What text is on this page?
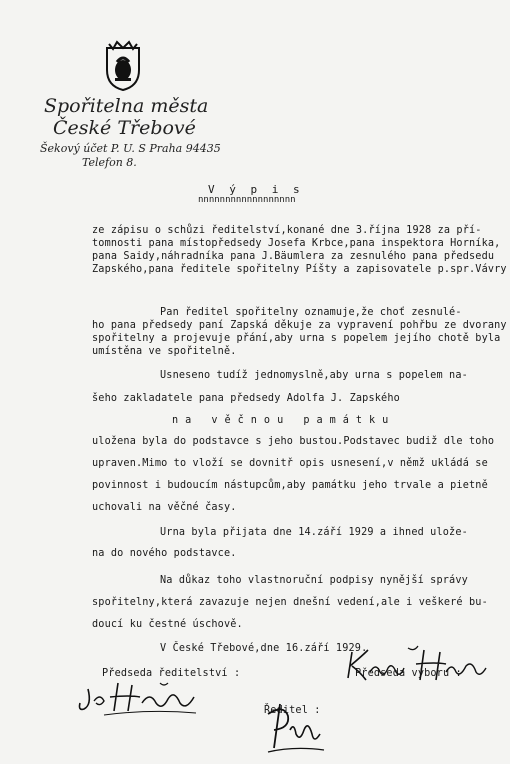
Spořitelna města
České Třebové
Šekový účet P. U. S Praha 94435
Telefon 8.
V ý p i s
nnnnnnnnnnnnnnnnnn
ze zápisu o schůzi ředitelství,konané dne 3.října 1928 za pří-
tomnosti pana místopředsedy Josefa Krbce,pana inspektora Horníka,
pana Saidy,náhradníka pana J.Bäumlera za zesnulého pana předsedu
Zapského,pana ředitele spořitelny Píšty a zapisovatele p.spr.Vávry
Pan ředitel spořitelny oznamuje,že choť zesnulé-
ho pana předsedy paní Zapská děkuje za vypravení pohřbu ze dvorany
spořitelny a projevuje přání,aby urna s popelem jejího chotě byla
umístěna ve spořitelně.
Usneseno tudíž jednomyslně,aby urna s popelem na-
šeho zakladatele pana předsedy Adolfa J. Zapského
na věčnou památku
uložena byla do podstavce s jeho bustou.Podstavec budiž dle toho
upraven.Mimo to vloží se dovnitř opis usnesení,v němž ukládá se
povinnost i budoucím nástupcům,aby památku jeho trvale a pietně
uchovali na věčné časy.
Urna byla přijata dne 14.září 1929 a ihned ulože-
na do nového podstavce.
Na důkaz toho vlastnoruční podpisy nynější správy
spořitelny,která zavazuje nejen dnešní vedení,ale i veškeré bu-
doucí ku čestné úschově.
V České Třebové,dne 16.září 1929.
Předseda ředitelství :	Předseda výboru :
Ředitel :
